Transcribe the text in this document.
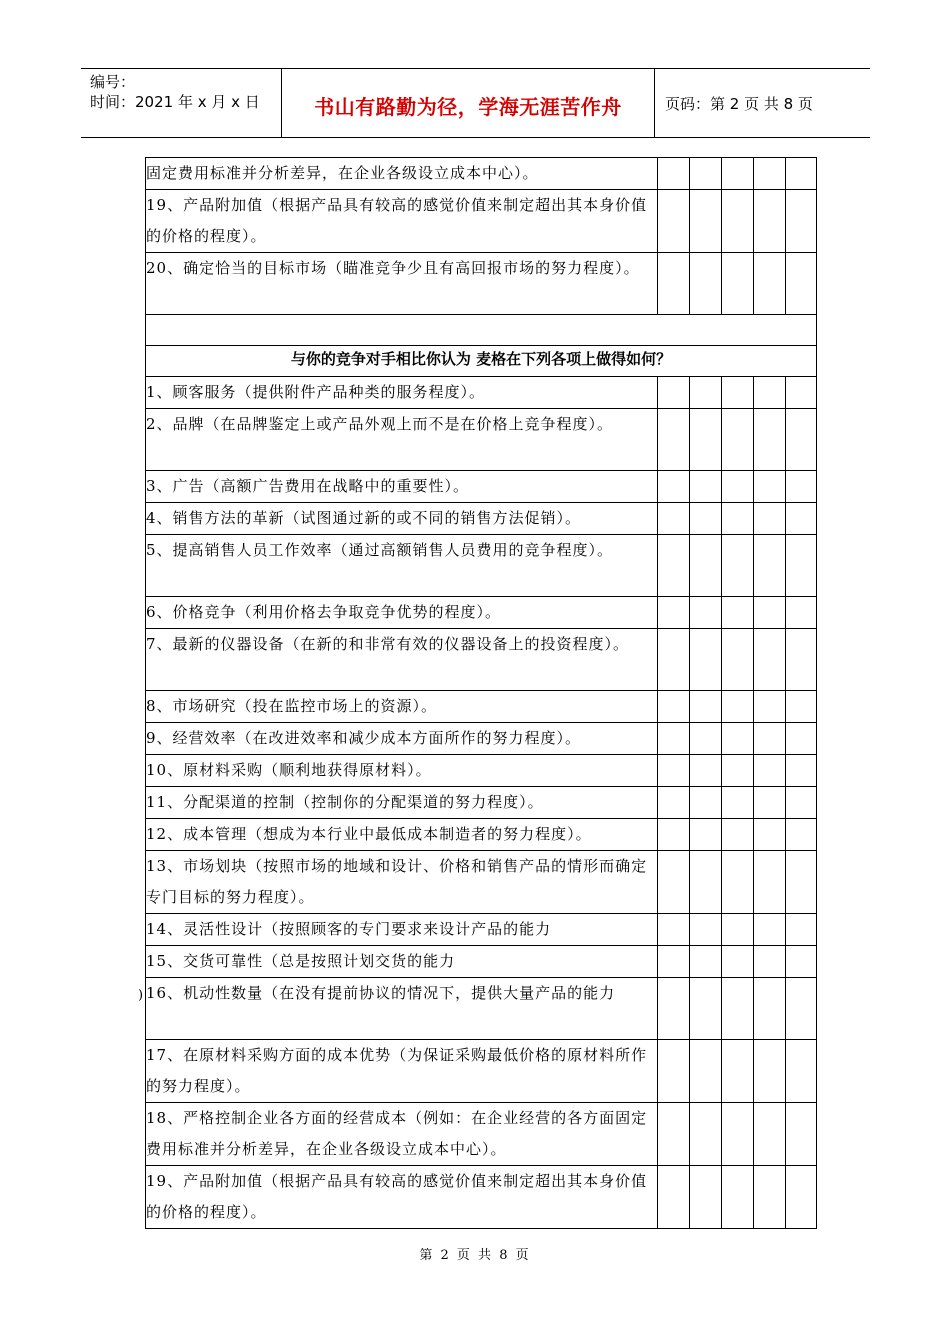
编号：
时间：2021 年 x 月 x 日	书山有路勤为径，学海无涯苦作舟	页码：第 2 页 共 8 页
固定费用标准并分析差异，在企业各级设立成本中心）。					
19、产品附加值（根据产品具有较高的感觉价值来制定超出其本身价值的价格的程度）。					
20、确定恰当的目标市场（瞄准竞争少且有高回报市场的努力程度）。					

与你的竞争对手相比你认为 麦格在下列各项上做得如何？					
1、顾客服务（提供附件产品种类的服务程度）。					
2、品牌（在品牌鉴定上或产品外观上而不是在价格上竞争程度）。					
3、广告（高额广告费用在战略中的重要性）。					
4、销售方法的革新（试图通过新的或不同的销售方法促销）。					
5、提高销售人员工作效率（通过高额销售人员费用的竞争程度）。					
6、价格竞争（利用价格去争取竞争优势的程度）。					
7、最新的仪器设备（在新的和非常有效的仪器设备上的投资程度）。					
8、市场研究（投在监控市场上的资源）。					
9、经营效率（在改进效率和减少成本方面所作的努力程度）。					
10、原材料采购（顺利地获得原材料）。					
11、分配渠道的控制（控制你的分配渠道的努力程度）。					
12、成本管理（想成为本行业中最低成本制造者的努力程度）。					
13、市场划块（按照市场的地域和设计、价格和销售产品的情形而确定专门目标的努力程度）。					
14、灵活性设计（按照顾客的专门要求来设计产品的能力					
15、交货可靠性（总是按照计划交货的能力					
16、机动性数量（在没有提前协议的情况下，提供大量产品的能力					
17、在原材料采购方面的成本优势（为保证采购最低价格的原材料所作的努力程度）。					
18、严格控制企业各方面的经营成本（例如：在企业经营的各方面固定费用标准并分析差异，在企业各级设立成本中心）。					
19、产品附加值（根据产品具有较高的感觉价值来制定超出其本身价值的价格的程度）。					
)
第 2 页 共 8 页
